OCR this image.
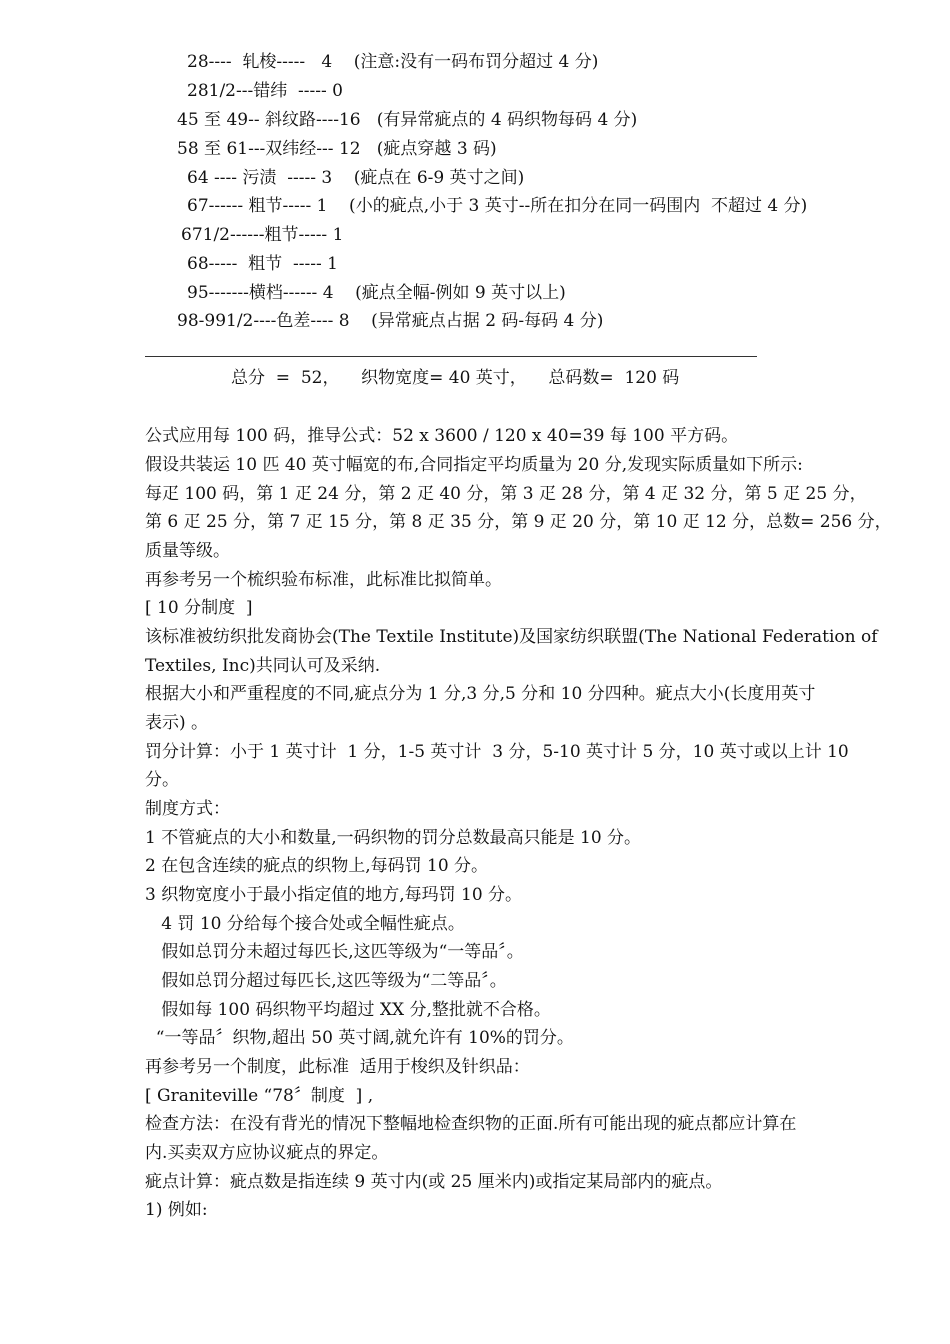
28----  轧梭-----   4    (注意:没有一码布罚分超过 4 分)
281/2---错纬  ----- 0
45 至 49-- 斜纹路----16   (有异常疵点的 4 码织物每码 4 分)
58 至 61---双纬经--- 12   (疵点穿越 3 码)
64 ---- 污渍  ----- 3    (疵点在 6-9 英寸之间)
67------ 粗节----- 1    (小的疵点,小于 3 英寸--所在扣分在同一码围内  不超过 4 分)
671/2------粗节----- 1
68-----  粗节  ----- 1
95-------横档------ 4    (疵点全幅-例如 9 英寸以上)
98-991/2----色差---- 8    (异常疵点占据 2 码-每码 4 分)
总分  =  52，    织物宽度= 40 英寸，    总码数=  120 码
公式应用每 100 码，推导公式：52 x 3600 / 120 x 40=39 每 100 平方码。
假设共装运 10 匹 40 英寸幅宽的布,合同指定平均质量为 20 分,发现实际质量如下所示:
每疋 100 码，第 1 疋 24 分，第 2 疋 40 分，第 3 疋 28 分，第 4 疋 32 分，第 5 疋 25 分，
第 6 疋 25 分，第 7 疋 15 分，第 8 疋 35 分，第 9 疋 20 分，第 10 疋 12 分，总数= 256 分，
质量等级。
再参考另一个梳织验布标准，此标准比拟简单。
[ 10 分制度  ]
该标准被纺织批发商协会(The Textile Institute)及国家纺织联盟(The National Federation of
Textiles, Inc)共同认可及采纳.
根据大小和严重程度的不同,疵点分为 1 分,3 分,5 分和 10 分四种。疵点大小(长度用英寸
表示) 。
罚分计算：小于 1 英寸计  1 分，1-5 英寸计  3 分，5-10 英寸计 5 分，10 英寸或以上计 10
分。
制度方式：
1 不管疵点的大小和数量,一码织物的罚分总数最高只能是 10 分。
2 在包含连续的疵点的织物上,每码罚 10 分。
3 织物宽度小于最小指定值的地方,每玛罚 10 分。
4 罚 10 分给每个接合处或全幅性疵点。
假如总罚分未超过每匹长,这匹等级为“一等品〞。
假如总罚分超过每匹长,这匹等级为“二等品〞。
假如每 100 码织物平均超过 XX 分,整批就不合格。
“一等品〞织物,超出 50 英寸阔,就允许有 10%的罚分。
再参考另一个制度，此标准  适用于梭织及针织品：
[ Graniteville “78〞制度  ] ,
检查方法：在没有背光的情况下整幅地检查织物的正面.所有可能出现的疵点都应计算在
内.买卖双方应协议疵点的界定。
疵点计算：疵点数是指连续 9 英寸内(或 25 厘米内)或指定某局部内的疵点。
1) 例如:
